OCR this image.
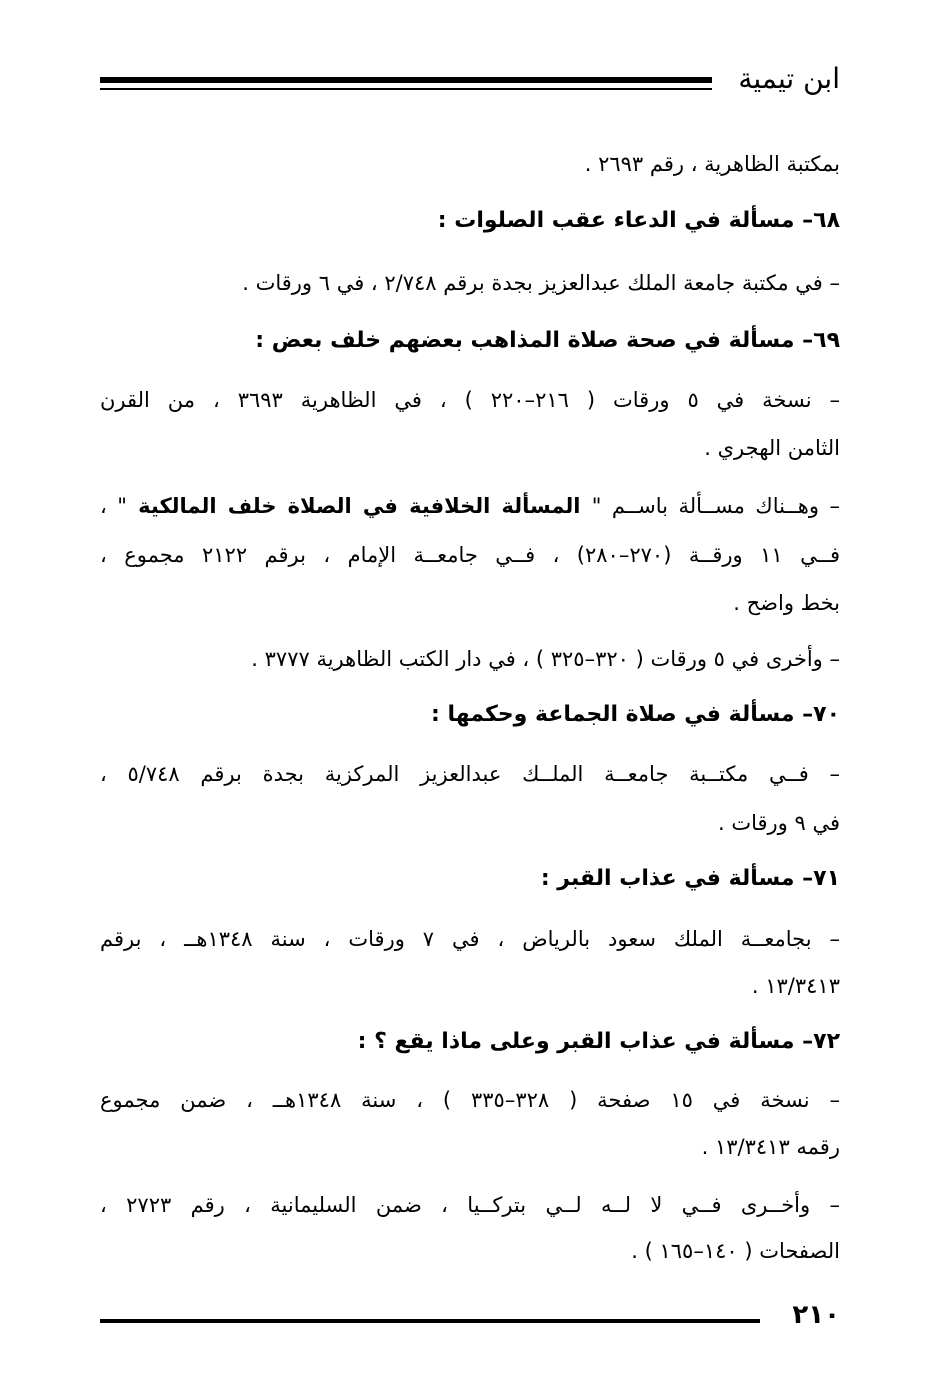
ابن تيمية
بمكتبة الظاهرية ، رقم ٢٦٩٣ .
٦٨– مسألة في الدعاء عقب الصلوات :
– في مكتبة جامعة الملك عبدالعزيز بجدة برقم ٢/٧٤٨ ، في ٦ ورقات .
٦٩– مسألة في صحة صلاة المذاهب بعضهم خلف بعض :
– نسخة في ٥ ورقات ( ٢١٦–٢٢٠ ) ، في الظاهرية ٣٦٩٣ ، من القرن
الثامن الهجري .
– وهــناك مســألة باســم " المسألة الخلافية في الصلاة خلف المالكية " ،
فــي ١١ ورقــة (٢٧٠–٢٨٠) ، فــي جامعــة الإمام ، برقم ٢١٢٢ مجموع ،
بخط واضح .
– وأخرى في ٥ ورقات ( ٣٢٠–٣٢٥ ) ، في دار الكتب الظاهرية ٣٧٧٧ .
٧٠– مسألة في صلاة الجماعة وحكمها :
– فــي مكتــبة جامعــة الملــك عبدالعزيز المركزية بجدة برقم ٥/٧٤٨ ،
في ٩ ورقات .
٧١– مسألة في عذاب القبر :
– بجامعــة الملك سعود بالرياض ، في ٧ ورقات ، سنة ١٣٤٨هــ ، برقم
١٣/٣٤١٣ .
٧٢– مسألة في عذاب القبر وعلى ماذا يقع ؟ :
– نسخة في ١٥ صفحة ( ٣٢٨–٣٣٥ ) ، سنة ١٣٤٨هــ ، ضمن مجموع
رقمه ١٣/٣٤١٣ .
– وأخــرى فــي لا لــه لــي بتركــيا ، ضمن السليمانية ، رقم ٢٧٢٣ ،
الصفحات ( ١٤٠–١٦٥ ) .
٢١٠
